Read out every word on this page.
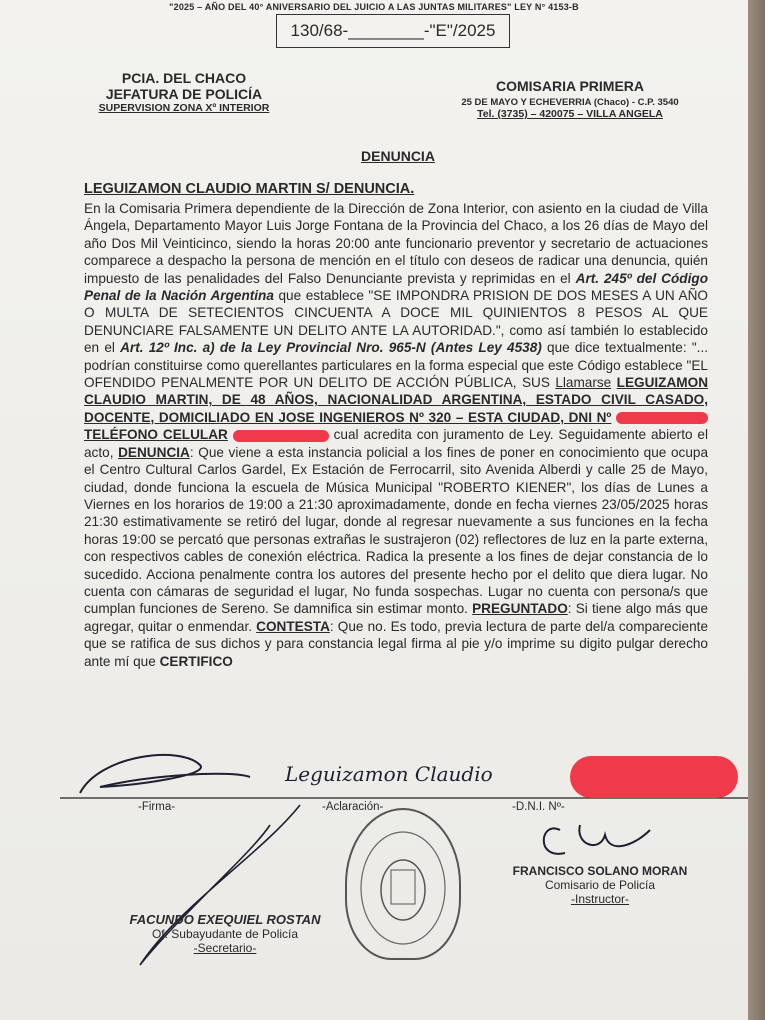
"2025 – AÑO DEL 40° ANIVERSARIO DEL JUICIO A LAS JUNTAS MILITARES" LEY N° 4153-B
130/68-________-"E"/2025
PCIA. DEL CHACO
JEFATURA DE POLICÍA
SUPERVISION ZONA Xº INTERIOR
COMISARIA PRIMERA
25 DE MAYO Y ECHEVERRIA (Chaco) - C.P. 3540
Tel. (3735) – 420075 – VILLA ANGELA
DENUNCIA
LEGUIZAMON CLAUDIO MARTIN S/ DENUNCIA.

En la Comisaria Primera dependiente de la Dirección de Zona Interior, con asiento en la ciudad de Villa Ángela, Departamento Mayor Luis Jorge Fontana de la Provincia del Chaco, a los 26 días de Mayo del año Dos Mil Veinticinco, siendo la horas 20:00 ante funcionario preventor y secretario de actuaciones comparece a despacho la persona de mención en el título con deseos de radicar una denuncia, quién impuesto de las penalidades del Falso Denunciante prevista y reprimidas en el Art. 245º del Código Penal de la Nación Argentina que establece "SE IMPONDRA PRISION DE DOS MESES A UN AÑO O MULTA DE SETECIENTOS CINCUENTA A DOCE MIL QUINIENTOS 8 PESOS AL QUE DENUNCIARE FALSAMENTE UN DELITO ANTE LA AUTORIDAD.", como así también lo establecido en el Art. 12º Inc. a) de la Ley Provincial Nro. 965-N (Antes Ley 4538) que dice textualmente: "... podrían constituirse como querellantes particulares en la forma especial que este Código establece "EL OFENDIDO PENALMENTE POR UN DELITO DE ACCIÓN PÚBLICA, SUS Llamarse LEGUIZAMON CLAUDIO MARTIN, DE 48 AÑOS, NACIONALIDAD ARGENTINA, ESTADO CIVIL CASADO, DOCENTE, DOMICILIADO EN JOSE INGENIEROS Nº 320 – ESTA CIUDAD, DNI Nº  TELÉFONO CELULAR	cual acredita con juramento de Ley. Seguidamente abierto el acto, DENUNCIA: Que viene a esta instancia policial a los fines de poner en conocimiento que ocupa el Centro Cultural Carlos Gardel, Ex Estación de Ferrocarril, sito Avenida Alberdi y calle 25 de Mayo, ciudad, donde funciona la escuela de Música Municipal "ROBERTO KIENER", los días de Lunes a Viernes en los horarios de 19:00 a 21:30 aproximadamente, donde en fecha viernes 23/05/2025 horas 21:30 estimativamente se retiró del lugar, donde al regresar nuevamente a sus funciones en la fecha horas 19:00 se percató que personas extrañas le sustrajeron (02) reflectores de luz en la parte externa, con respectivos cables de conexión eléctrica. Radica la presente a los fines de dejar constancia de lo sucedido. Acciona penalmente contra los autores del presente hecho por el delito que diera lugar. No cuenta con cámaras de seguridad el lugar, No funda sospechas. Lugar no cuenta con persona/s que cumplan funciones de Sereno. Se damnifica sin estimar monto. PREGUNTADO: Si tiene algo más que agregar, quitar o enmendar. CONTESTA: Que no. Es todo, previa lectura de parte del/a compareciente que se ratifica de sus dichos y para constancia legal firma al pie y/o imprime su digito pulgar derecho ante mí que CERTIFICO

Leguizamon Claudio
-Firma-	-Aclaración-	-D.N.I. Nº-
FRANCISCO SOLANO MORAN
Comisario de Policía
-Instructor-
FACUNDO EXEQUIEL ROSTAN
Of. Subayudante de Policía
-Secretario-
